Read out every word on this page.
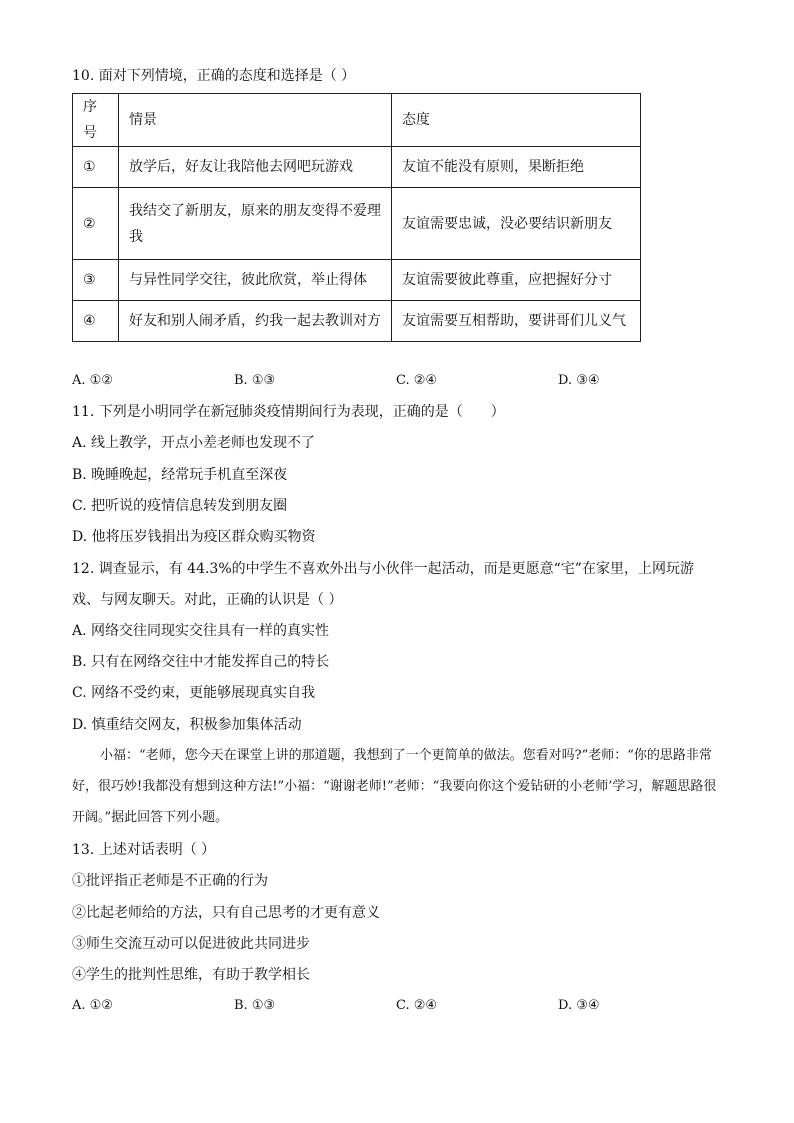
10. 面对下列情境，正确的态度和选择是（ ）
序号	情景	态度
①	放学后，好友让我陪他去网吧玩游戏	友谊不能没有原则，果断拒绝
②	我结交了新朋友，原来的朋友变得不爱理我	友谊需要忠诚，没必要结识新朋友
③	与异性同学交往，彼此欣赏，举止得体	友谊需要彼此尊重，应把握好分寸
④	好友和别人闹矛盾，约我一起去教训对方	友谊需要互相帮助，要讲哥们儿义气
A. ①②	B. ①③	C. ②④	D. ③④
11. 下列是小明同学在新冠肺炎疫情期间行为表现，正确的是（　　）
A. 线上教学，开点小差老师也发现不了
B. 晚睡晚起，经常玩手机直至深夜
C. 把听说的疫情信息转发到朋友圈
D. 他将压岁钱捐出为疫区群众购买物资
12. 调查显示，有 44.3%的中学生不喜欢外出与小伙伴一起活动，而是更愿意“宅”在家里，上网玩游
戏、与网友聊天。对此，正确的认识是（ ）
A. 网络交往同现实交往具有一样的真实性
B. 只有在网络交往中才能发挥自己的特长
C. 网络不受约束，更能够展现真实自我
D. 慎重结交网友，积极参加集体活动

小福：“老师，您今天在课堂上讲的那道题，我想到了一个更简单的做法。您看对吗?”老师：“你的思路非常好，很巧妙!我都没有想到这种方法!”小福：“谢谢老师!”老师：“我要向你这个爱钻研的小老师’学习，解题思路很开阔。”据此回答下列小题。

13. 上述对话表明（ ）
①批评指正老师是不正确的行为
②比起老师给的方法，只有自己思考的才更有意义
③师生交流互动可以促进彼此共同进步
④学生的批判性思维，有助于教学相长
A. ①②	B. ①③	C. ②④	D. ③④
